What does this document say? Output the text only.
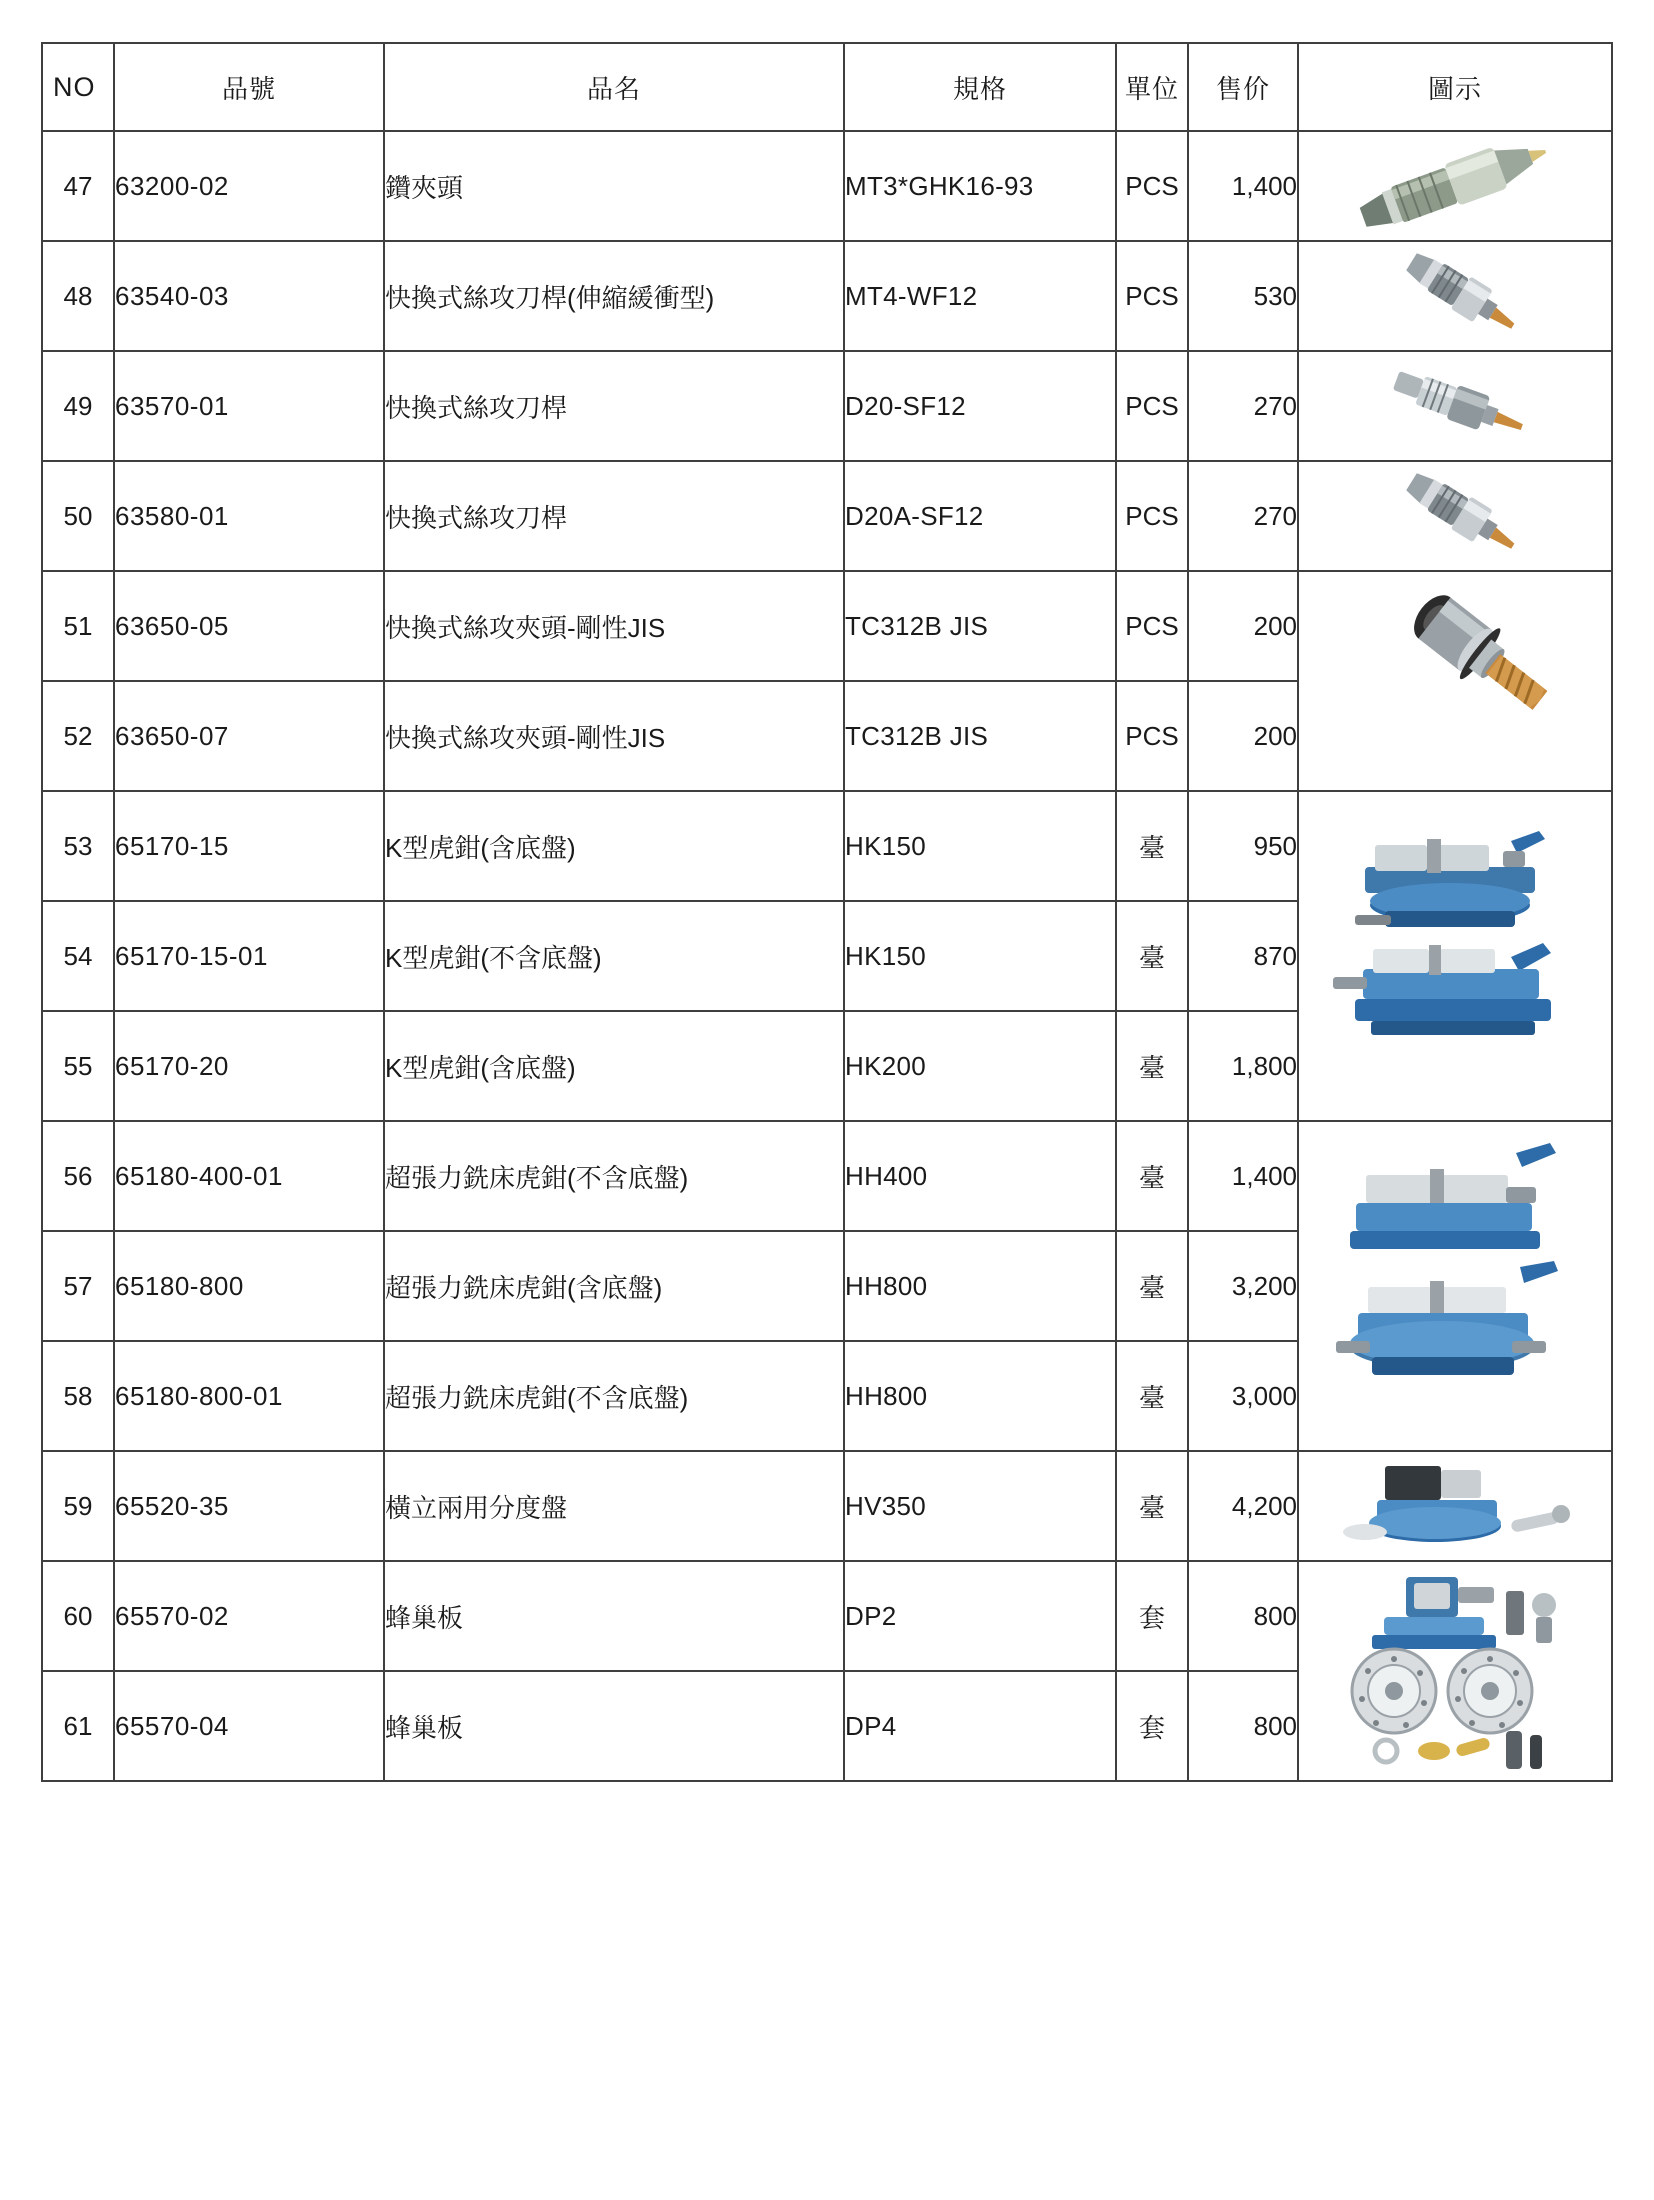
NO	品號	品名	規格	單位	售价	圖示
47	63200-02	鑽夾頭	MT3*GHK16-93	PCS	1,400	

48	63540-03	快換式絲攻刀桿(伸縮緩衝型)	MT4-WF12	PCS	530	

49	63570-01	快換式絲攻刀桿	D20-SF12	PCS	270	

50	63580-01	快換式絲攻刀桿	D20A-SF12	PCS	270	

51	63650-05	快換式絲攻夾頭-剛性JIS	TC312B JIS	PCS	200	

52	63650-07	快換式絲攻夾頭-剛性JIS	TC312B JIS	PCS	200	
53	65170-15	K型虎鉗(含底盤)	HK150	臺	950	

54	65170-15-01	K型虎鉗(不含底盤)	HK150	臺	870	
55	65170-20	K型虎鉗(含底盤)	HK200	臺	1,800	
56	65180-400-01	超張力銑床虎鉗(不含底盤)	HH400	臺	1,400	

57	65180-800	超張力銑床虎鉗(含底盤)	HH800	臺	3,200	
58	65180-800-01	超張力銑床虎鉗(不含底盤)	HH800	臺	3,000	
59	65520-35	橫立兩用分度盤	HV350	臺	4,200	

60	65570-02	蜂巢板	DP2	套	800	

61	65570-04	蜂巢板	DP4	套	800	
